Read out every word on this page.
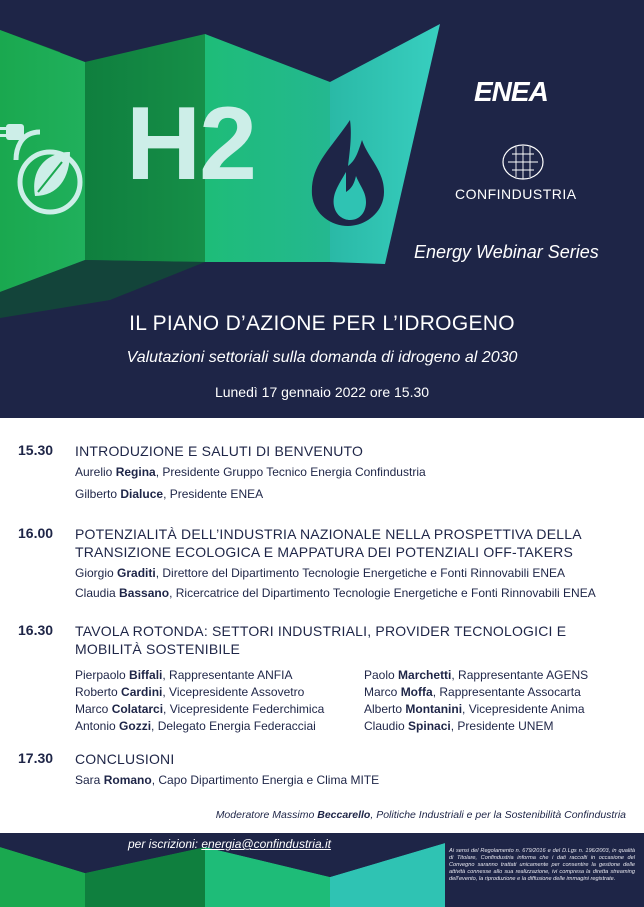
H2	ENEA
CONFINDUSTRIA
Energy Webinar Series
IL PIANO D’AZIONE PER L’IDROGENO
Valutazioni settoriali sulla domanda di idrogeno al 2030
Lunedì 17 gennaio 2022 ore 15.30
15.30 INTRODUZIONE E SALUTI DI BENVENUTO
Aurelio Regina, Presidente Gruppo Tecnico Energia Confindustria
Gilberto Dialuce, Presidente ENEA
16.00 POTENZIALITÀ DELL’INDUSTRIA NAZIONALE NELLA PROSPETTIVA DELLA TRANSIZIONE ECOLOGICA E MAPPATURA DEI POTENZIALI OFF-TAKERS
Giorgio Graditi, Direttore del Dipartimento Tecnologie Energetiche e Fonti Rinnovabili ENEA
Claudia Bassano, Ricercatrice del Dipartimento Tecnologie Energetiche e Fonti Rinnovabili ENEA
16.30 TAVOLA ROTONDA: SETTORI INDUSTRIALI, PROVIDER TECNOLOGICI E MOBILITÀ SOSTENIBILE
Pierpaolo Biffali, Rappresentante ANFIA
Roberto Cardini, Vicepresidente Assovetro
Marco Colatarci, Vicepresidente Federchimica
Antonio Gozzi, Delegato Energia Federacciai
Paolo Marchetti, Rappresentante AGENS
Marco Moffa, Rappresentante Assocarta
Alberto Montanini, Vicepresidente Anima
Claudio Spinaci, Presidente UNEM
17.30 CONCLUSIONI
Sara Romano, Capo Dipartimento Energia e Clima MITE
Moderatore Massimo Beccarello, Politiche Industriali e per la Sostenibilità Confindustria
per iscrizioni: energia@confindustria.it	Ai sensi del Regolamento n. 679/2016 e del D.Lgs n. 196/2003, in qualità di Titolare, Confindustria informa che i dati raccolti in occasione del Convegno saranno trattati unicamente per consentire la gestione delle attività connesse allo sua realizzazione, ivi compresa la diretta streaming dell’evento, la riproduzione e la diffusione delle immagini registrate.
